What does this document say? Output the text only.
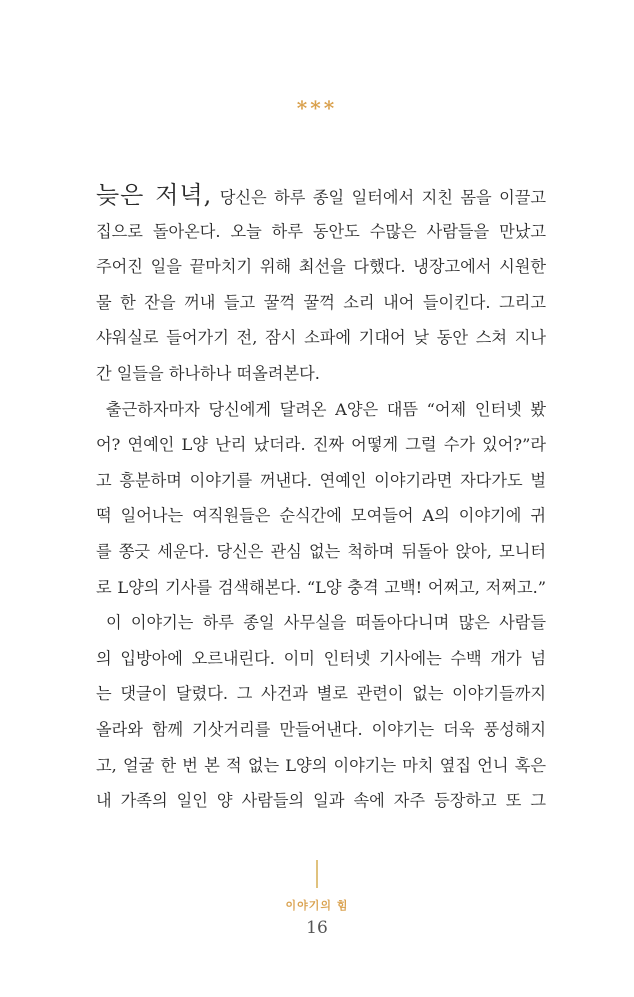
***
늦은 저녁, 당신은 하루 종일 일터에서 지친 몸을 이끌고
집으로 돌아온다. 오늘 하루 동안도 수많은 사람들을 만났고
주어진 일을 끝마치기 위해 최선을 다했다. 냉장고에서 시원한
물 한 잔을 꺼내 들고 꿀꺽 꿀꺽 소리 내어 들이킨다. 그리고
샤워실로 들어가기 전, 잠시 소파에 기대어 낮 동안 스쳐 지나
간 일들을 하나하나 떠올려본다.
출근하자마자 당신에게 달려온 A양은 대뜸 “어제 인터넷 봤
어? 연예인 L양 난리 났더라. 진짜 어떻게 그럴 수가 있어?”라
고 흥분하며 이야기를 꺼낸다. 연예인 이야기라면 자다가도 벌
떡 일어나는 여직원들은 순식간에 모여들어 A의 이야기에 귀
를 쫑긋 세운다. 당신은 관심 없는 척하며 뒤돌아 앉아, 모니터
로 L양의 기사를 검색해본다. “L양 충격 고백! 어쩌고, 저쩌고.”
이 이야기는 하루 종일 사무실을 떠돌아다니며 많은 사람들
의 입방아에 오르내린다. 이미 인터넷 기사에는 수백 개가 넘
는 댓글이 달렸다. 그 사건과 별로 관련이 없는 이야기들까지
올라와 함께 기삿거리를 만들어낸다. 이야기는 더욱 풍성해지
고, 얼굴 한 번 본 적 없는 L양의 이야기는 마치 옆집 언니 혹은
내 가족의 일인 양 사람들의 일과 속에 자주 등장하고 또 그
이야기의 힘
16
